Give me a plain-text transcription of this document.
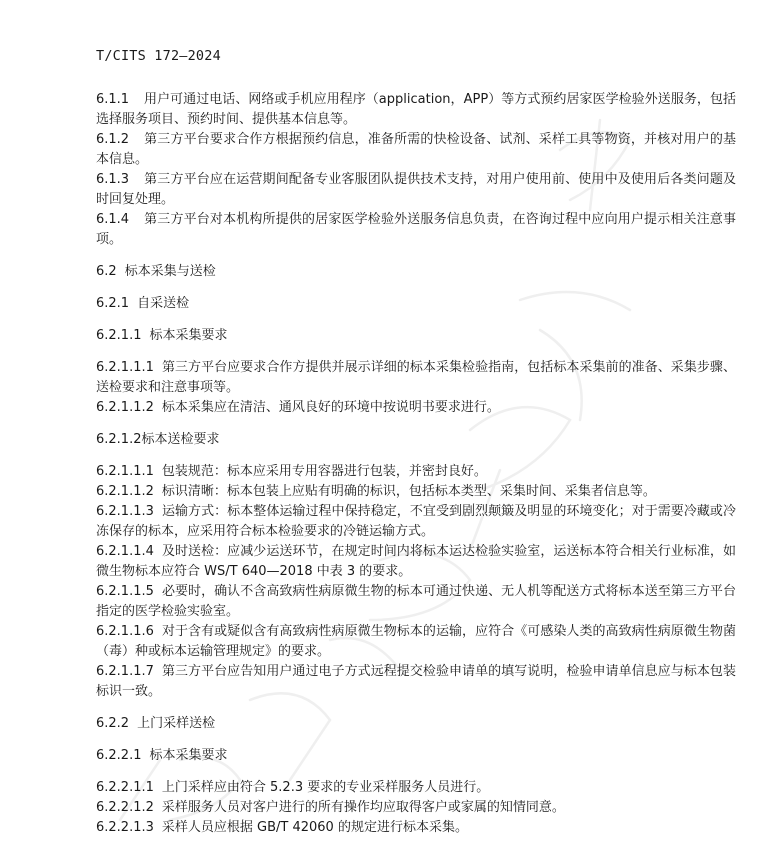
T/CITS 172—2024
6.1.1 用户可通过电话、网络或手机应用程序（application，APP）等方式预约居家医学检验外送服务，包括选择服务项目、预约时间、提供基本信息等。
6.1.2 第三方平台要求合作方根据预约信息，准备所需的快检设备、试剂、采样工具等物资，并核对用户的基本信息。
6.1.3 第三方平台应在运营期间配备专业客服团队提供技术支持，对用户使用前、使用中及使用后各类问题及时回复处理。
6.1.4 第三方平台对本机构所提供的居家医学检验外送服务信息负责，在咨询过程中应向用户提示相关注意事项。
6.2 标本采集与送检
6.2.1 自采送检
6.2.1.1 标本采集要求
6.2.1.1.1 第三方平台应要求合作方提供并展示详细的标本采集检验指南，包括标本采集前的准备、采集步骤、送检要求和注意事项等。
6.2.1.1.2 标本采集应在清洁、通风良好的环境中按说明书要求进行。
6.2.1.2标本送检要求
6.2.1.1.1 包装规范：标本应采用专用容器进行包装，并密封良好。
6.2.1.1.2 标识清晰：标本包装上应贴有明确的标识，包括标本类型、采集时间、采集者信息等。
6.2.1.1.3 运输方式：标本整体运输过程中保持稳定，不宜受到剧烈颠簸及明显的环境变化；对于需要冷藏或冷冻保存的标本，应采用符合标本检验要求的冷链运输方式。
6.2.1.1.4 及时送检：应减少运送环节，在规定时间内将标本运达检验实验室，运送标本符合相关行业标准，如微生物标本应符合 WS/T 640—2018 中表 3 的要求。
6.2.1.1.5 必要时，确认不含高致病性病原微生物的标本可通过快递、无人机等配送方式将标本送至第三方平台指定的医学检验实验室。
6.2.1.1.6 对于含有或疑似含有高致病性病原微生物标本的运输，应符合《可感染人类的高致病性病原微生物菌（毒）种或标本运输管理规定》的要求。
6.2.1.1.7 第三方平台应告知用户通过电子方式远程提交检验申请单的填写说明，检验申请单信息应与标本包装标识一致。
6.2.2 上门采样送检
6.2.2.1 标本采集要求
6.2.2.1.1 上门采样应由符合 5.2.3 要求的专业采样服务人员进行。
6.2.2.1.2 采样服务人员对客户进行的所有操作均应取得客户或家属的知情同意。
6.2.2.1.3 采样人员应根据 GB/T 42060 的规定进行标本采集。
